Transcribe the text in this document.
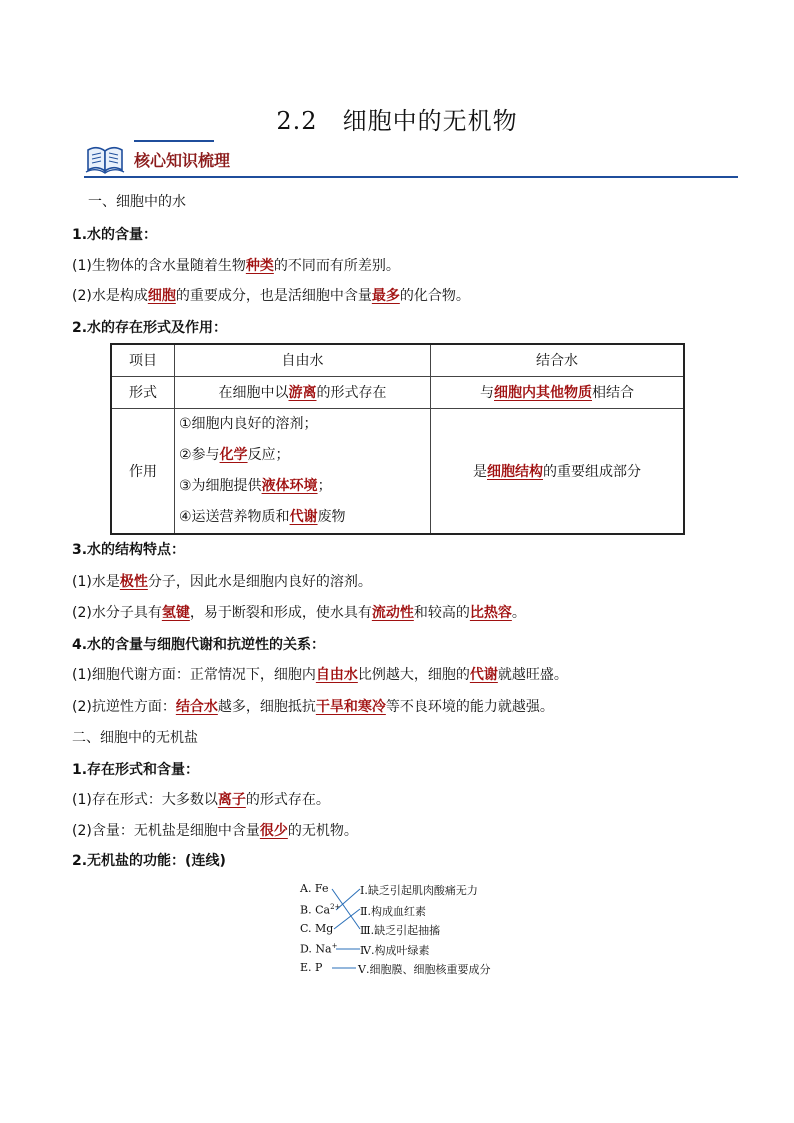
2.2　细胞中的无机物
核心知识梳理
一、细胞中的水
1.水的含量：
(1)生物体的含水量随着生物种类的不同而有所差别。
(2)水是构成细胞的重要成分，也是活细胞中含量最多的化合物。
2.水的存在形式及作用：
项目	自由水	结合水
形式	在细胞中以游离的形式存在	与细胞内其他物质相结合
作用	①细胞内良好的溶剂；
②参与化学反应；
③为细胞提供液体环境；
④运送营养物质和代谢废物	是细胞结构的重要组成部分
3.水的结构特点：
(1)水是极性分子，因此水是细胞内良好的溶剂。
(2)水分子具有氢键，易于断裂和形成，使水具有流动性和较高的比热容。
4.水的含量与细胞代谢和抗逆性的关系：
(1)细胞代谢方面：正常情况下，细胞内自由水比例越大，细胞的代谢就越旺盛。
(2)抗逆性方面：结合水越多，细胞抵抗干旱和寒冷等不良环境的能力就越强。
二、细胞中的无机盐
1.存在形式和含量：
(1)存在形式：大多数以离子的形式存在。
(2)含量：无机盐是细胞中含量很少的无机物。
2.无机盐的功能：(连线)
A. Fe
B. $Ca^{2+}$
C. Mg
D. Na+
E. P
Ⅰ.缺乏引起肌肉酸痛无力
Ⅱ.构成血红素
Ⅲ.缺乏引起抽搐
Ⅳ.构成叶绿素
Ⅴ.细胞膜、细胞核重要成分
